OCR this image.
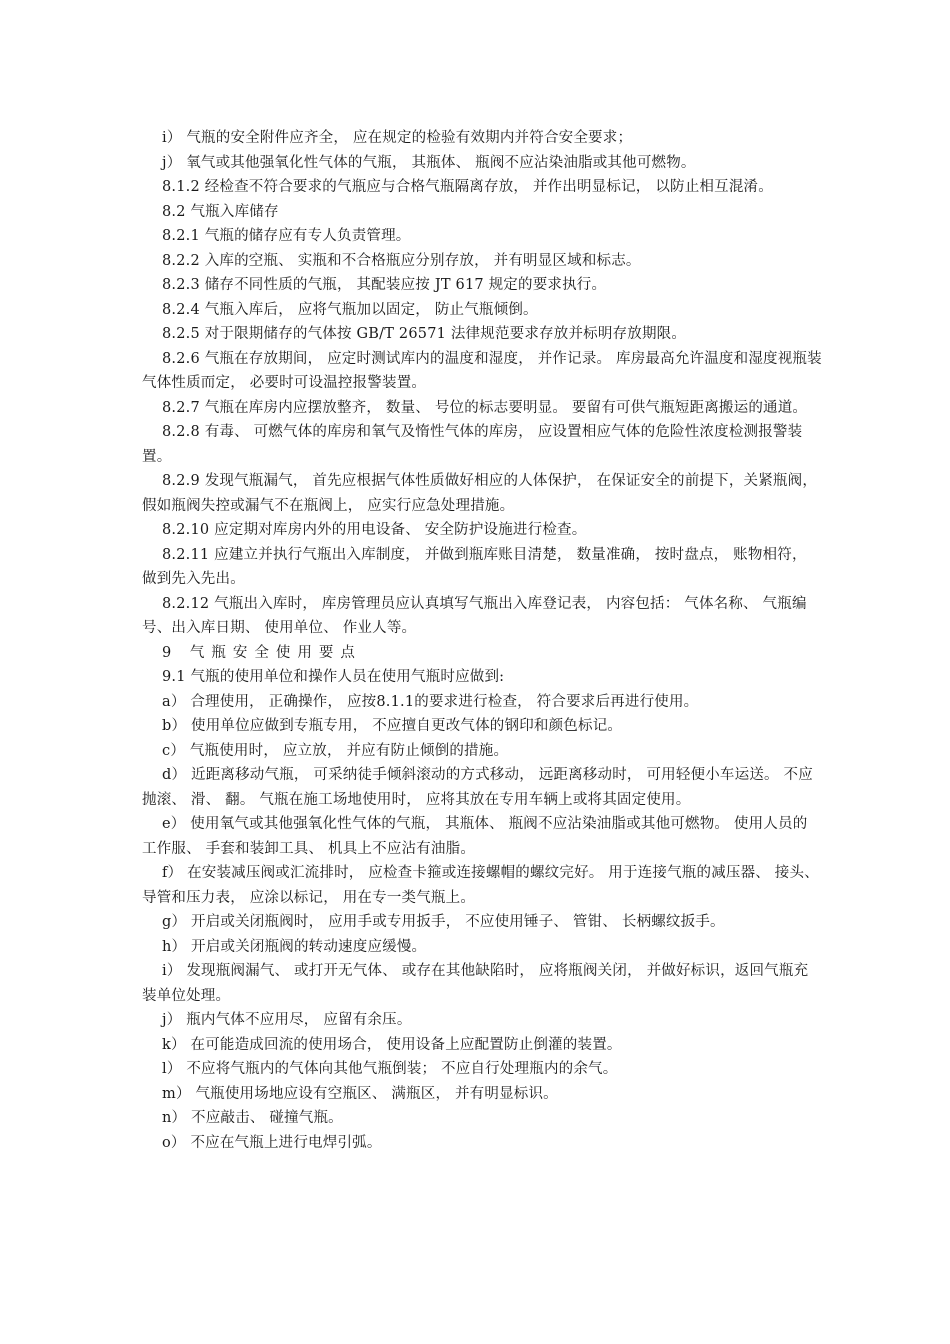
i） 气瓶的安全附件应齐全， 应在规定的检验有效期内并符合安全要求；

j） 氧气或其他强氧化性气体的气瓶， 其瓶体、 瓶阀不应沾染油脂或其他可燃物。

8.1.2 经检查不符合要求的气瓶应与合格气瓶隔离存放， 并作出明显标记， 以防止相互混淆。

8.2 气瓶入库储存

8.2.1 气瓶的储存应有专人负责管理。

8.2.2 入库的空瓶、 实瓶和不合格瓶应分别存放， 并有明显区域和标志。

8.2.3 储存不同性质的气瓶， 其配装应按 JT 617 规定的要求执行。

8.2.4 气瓶入库后， 应将气瓶加以固定， 防止气瓶倾倒。

8.2.5 对于限期储存的气体按 GB/T 26571 法律规范要求存放并标明存放期限。

8.2.6 气瓶在存放期间， 应定时测试库内的温度和湿度， 并作记录。 库房最高允许温度和湿度视瓶装气体性质而定， 必要时可设温控报警装置。

8.2.7 气瓶在库房内应摆放整齐， 数量、 号位的标志要明显。 要留有可供气瓶短距离搬运的通道。

8.2.8 有毒、 可燃气体的库房和氧气及惰性气体的库房， 应设置相应气体的危险性浓度检测报警装置。

8.2.9 发现气瓶漏气， 首先应根据气体性质做好相应的人体保护， 在保证安全的前提下，关紧瓶阀，假如瓶阀失控或漏气不在瓶阀上， 应实行应急处理措施。

8.2.10 应定期对库房内外的用电设备、 安全防护设施进行检查。

8.2.11 应建立并执行气瓶出入库制度， 并做到瓶库账目清楚， 数量准确， 按时盘点， 账物相符， 做到先入先出。

8.2.12 气瓶出入库时， 库房管理员应认真填写气瓶出入库登记表， 内容包括： 气体名称、 气瓶编号、出入库日期、 使用单位、 作业人等。

9 气瓶安全使用要点

9.1 气瓶的使用单位和操作人员在使用气瓶时应做到:

a） 合理使用， 正确操作， 应按8.1.1的要求进行检查， 符合要求后再进行使用。

b） 使用单位应做到专瓶专用， 不应擅自更改气体的钢印和颜色标记。

c） 气瓶使用时， 应立放， 并应有防止倾倒的措施。

d） 近距离移动气瓶， 可采纳徒手倾斜滚动的方式移动， 远距离移动时， 可用轻便小车运送。 不应抛滚、 滑、 翻。 气瓶在施工场地使用时， 应将其放在专用车辆上或将其固定使用。

e） 使用氧气或其他强氧化性气体的气瓶， 其瓶体、 瓶阀不应沾染油脂或其他可燃物。 使用人员的工作服、 手套和装卸工具、 机具上不应沾有油脂。

f） 在安装减压阀或汇流排时， 应检查卡箍或连接螺帽的螺纹完好。 用于连接气瓶的减压器、 接头、 导管和压力表， 应涂以标记， 用在专一类气瓶上。

g） 开启或关闭瓶阀时， 应用手或专用扳手， 不应使用锤子、 管钳、 长柄螺纹扳手。

h） 开启或关闭瓶阀的转动速度应缓慢。

i） 发现瓶阀漏气、 或打开无气体、 或存在其他缺陷时， 应将瓶阀关闭， 并做好标识，返回气瓶充装单位处理。

j） 瓶内气体不应用尽， 应留有余压。

k） 在可能造成回流的使用场合， 使用设备上应配置防止倒灌的装置。

l） 不应将气瓶内的气体向其他气瓶倒装； 不应自行处理瓶内的余气。

m） 气瓶使用场地应设有空瓶区、 满瓶区， 并有明显标识。

n） 不应敲击、 碰撞气瓶。

o） 不应在气瓶上进行电焊引弧。
